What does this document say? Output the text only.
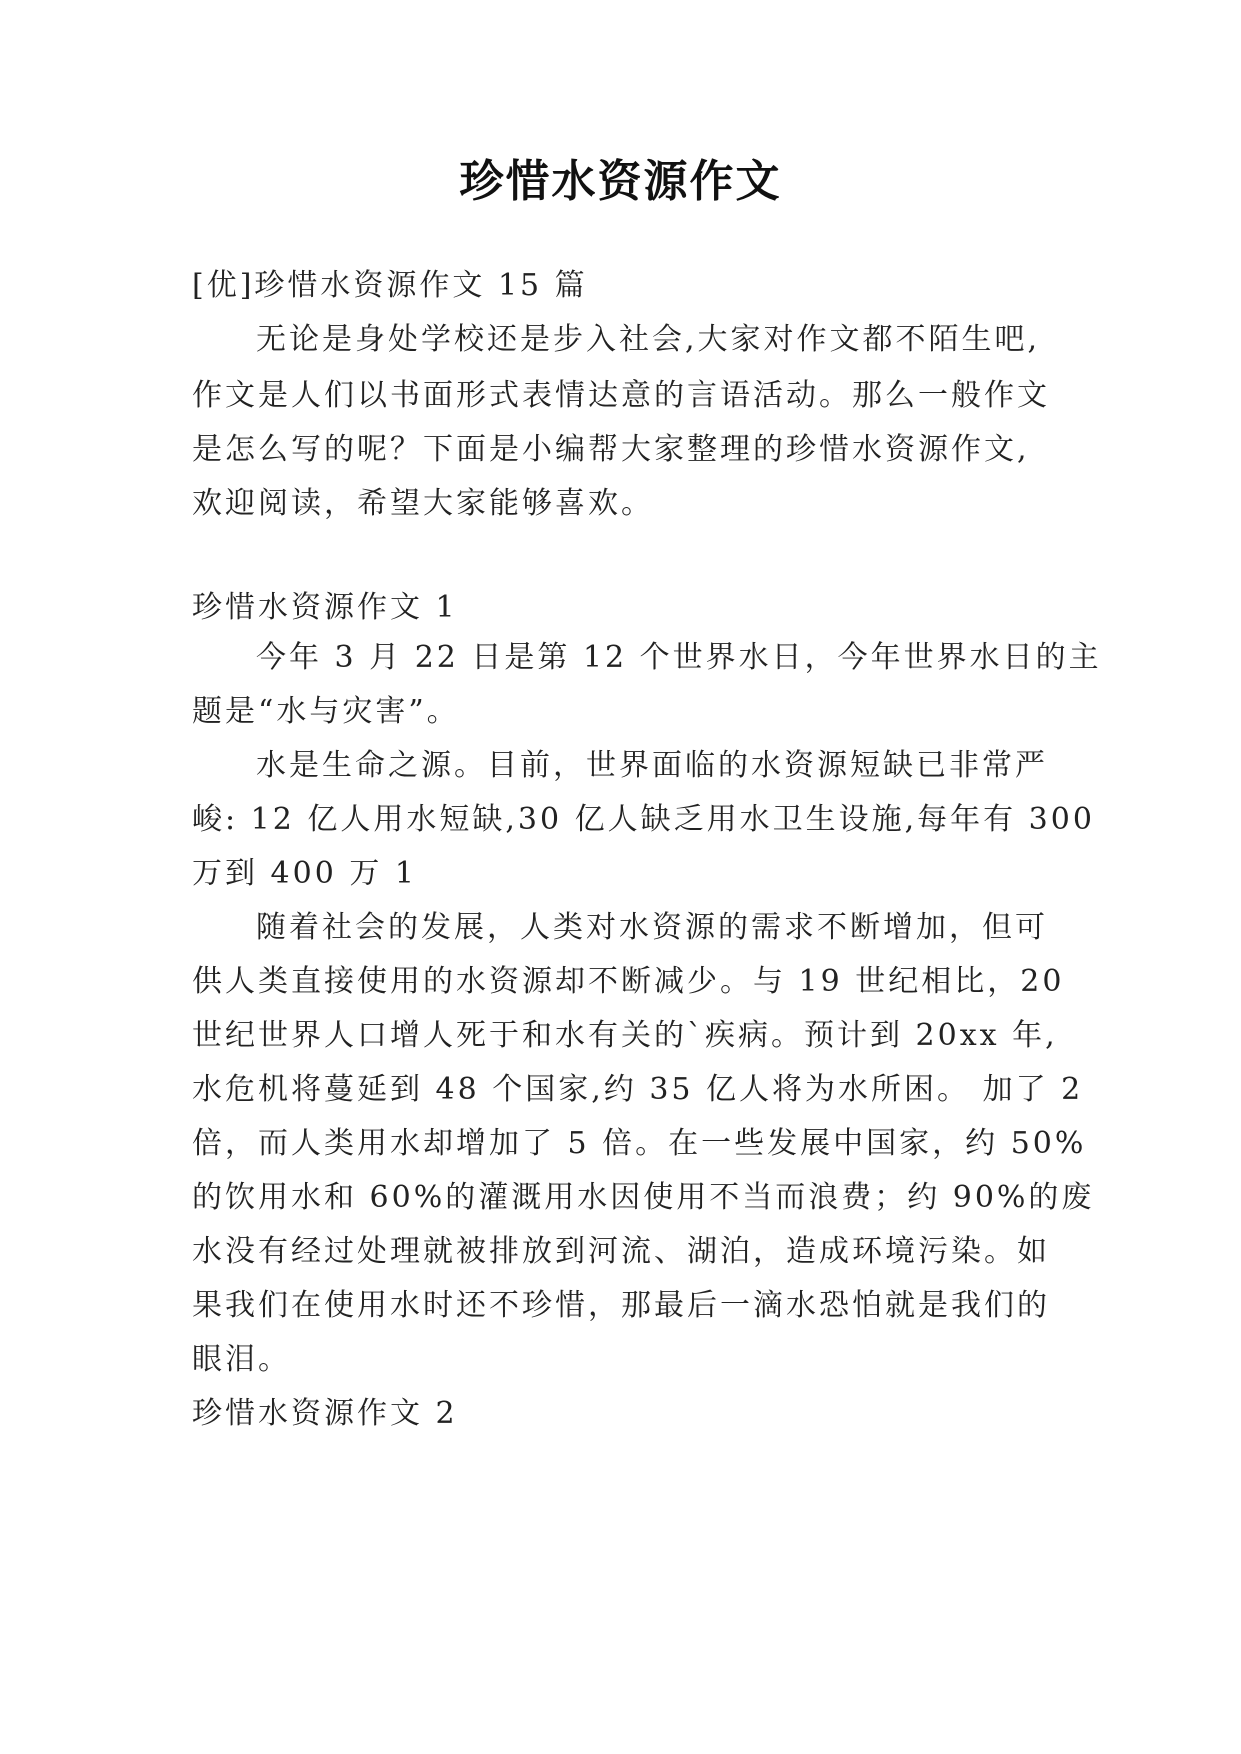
珍惜水资源作文
[优]珍惜水资源作文 15 篇
无论是身处学校还是步入社会,大家对作文都不陌生吧,
作文是人们以书面形式表情达意的言语活动。那么一般作文
是怎么写的呢？下面是小编帮大家整理的珍惜水资源作文,
欢迎阅读，希望大家能够喜欢。
珍惜水资源作文 1
今年 3 月 22 日是第 12 个世界水日，今年世界水日的主
题是“水与灾害”。
水是生命之源。目前，世界面临的水资源短缺已非常严
峻: 12 亿人用水短缺,30 亿人缺乏用水卫生设施,每年有 300
万到 400 万 1
随着社会的发展，人类对水资源的需求不断增加，但可
供人类直接使用的水资源却不断减少。与 19 世纪相比，20
世纪世界人口增人死于和水有关的`疾病。预计到 20xx 年,
水危机将蔓延到 48 个国家,约 35 亿人将为水所困。 加了 2
倍，而人类用水却增加了 5 倍。在一些发展中国家，约 50%
的饮用水和 60%的灌溉用水因使用不当而浪费；约 90%的废
水没有经过处理就被排放到河流、湖泊，造成环境污染。如
果我们在使用水时还不珍惜，那最后一滴水恐怕就是我们的
眼泪。
珍惜水资源作文 2
